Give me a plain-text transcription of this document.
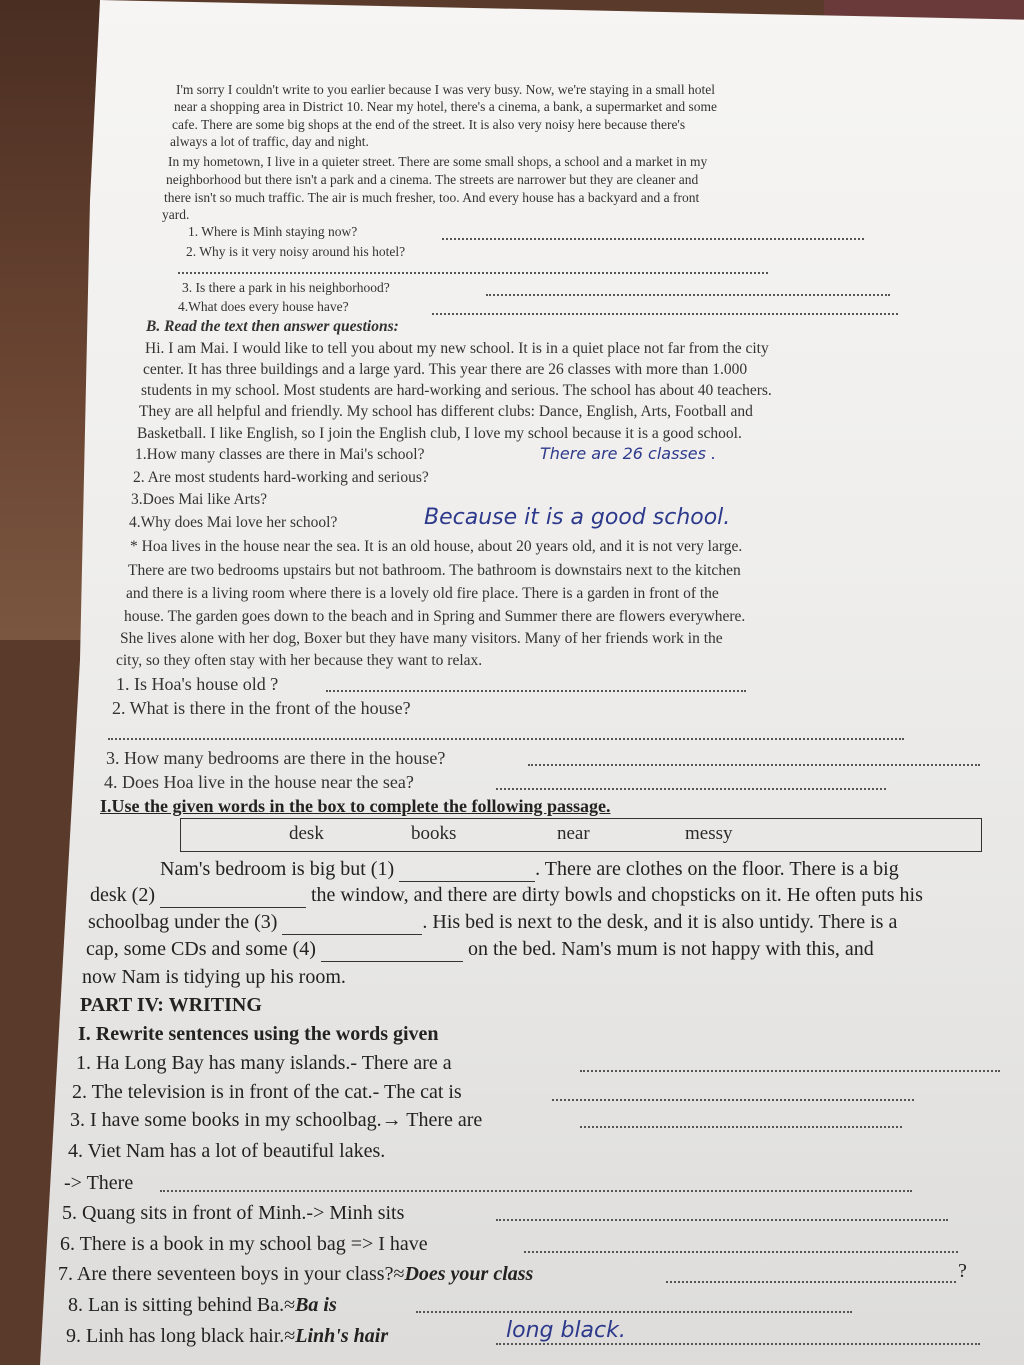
I'm sorry I couldn't write to you earlier because I was very busy. Now, we're staying in a small hotel
near a shopping area in District 10. Near my hotel, there's a cinema, a bank, a supermarket and some
cafe. There are some big shops at the end of the street. It is also very noisy here because there's
always a lot of traffic, day and night.
In my hometown, I live in a quieter street. There are some small shops, a school and a market in my
neighborhood but there isn't a park and a cinema. The streets are narrower but they are cleaner and
there isn't so much traffic. The air is much fresher, too. And every house has a backyard and a front
yard.
1. Where is Minh staying now?
2. Why is it very noisy around his hotel?
3. Is there a park in his neighborhood?
4.What does every house have?
B. Read the text then answer questions:
Hi. I am Mai. I would like to tell you about my new school. It is in a quiet place not far from the city
center. It has three buildings and a large yard. This year there are 26 classes with more than 1.000
students in my school. Most students are hard-working and serious. The school has about 40 teachers.
They are all helpful and friendly. My school has different clubs: Dance, English, Arts, Football and
Basketball. I like English, so I join the English club, I love my school because it is a good school.
1.How many classes are there in Mai's school?	There are 26 classes .
2. Are most students hard-working and serious?
3.Does Mai like Arts?
4.Why does Mai love her school?	Because it is a good school.
* Hoa lives in the house near the sea. It is an old house, about 20 years old, and it is not very large.
There are two bedrooms upstairs but not bathroom. The bathroom is downstairs next to the kitchen
and there is a living room where there is a lovely old fire place. There is a garden in front of the
house. The garden goes down to the beach and in Spring and Summer there are flowers everywhere.
She lives alone with her dog, Boxer but they have many visitors. Many of her friends work in the
city, so they often stay with her because they want to relax.
1. Is Hoa's house old ?
2. What is there in the front of the house?
3. How many bedrooms are there in the house?
4. Does Hoa live in the house near the sea?
I.Use the given words in the box to complete the following passage.
desk	books	near	messy
Nam's bedroom is big but (1)	. There are clothes on the floor. There is a big
desk (2)	the window, and there are dirty bowls and chopsticks on it. He often puts his
schoolbag under the (3)	. His bed is next to the desk, and it is also untidy. There is a
cap, some CDs and some (4)	on the bed. Nam's mum is not happy with this, and
now Nam is tidying up his room.
PART IV: WRITING
I. Rewrite sentences using the words given
1. Ha Long Bay has many islands.- There are a
2. The television is in front of the cat.- The cat is
3. I have some books in my schoolbag.→ There are
4. Viet Nam has a lot of beautiful lakes.
-> There
5. Quang sits in front of Minh.-> Minh sits
6. There is a book in my school bag => I have
7. Are there seventeen boys in your class?≈Does your class	?
8. Lan is sitting behind Ba.≈Ba is
9. Linh has long black hair.≈Linh's hair	long black.
